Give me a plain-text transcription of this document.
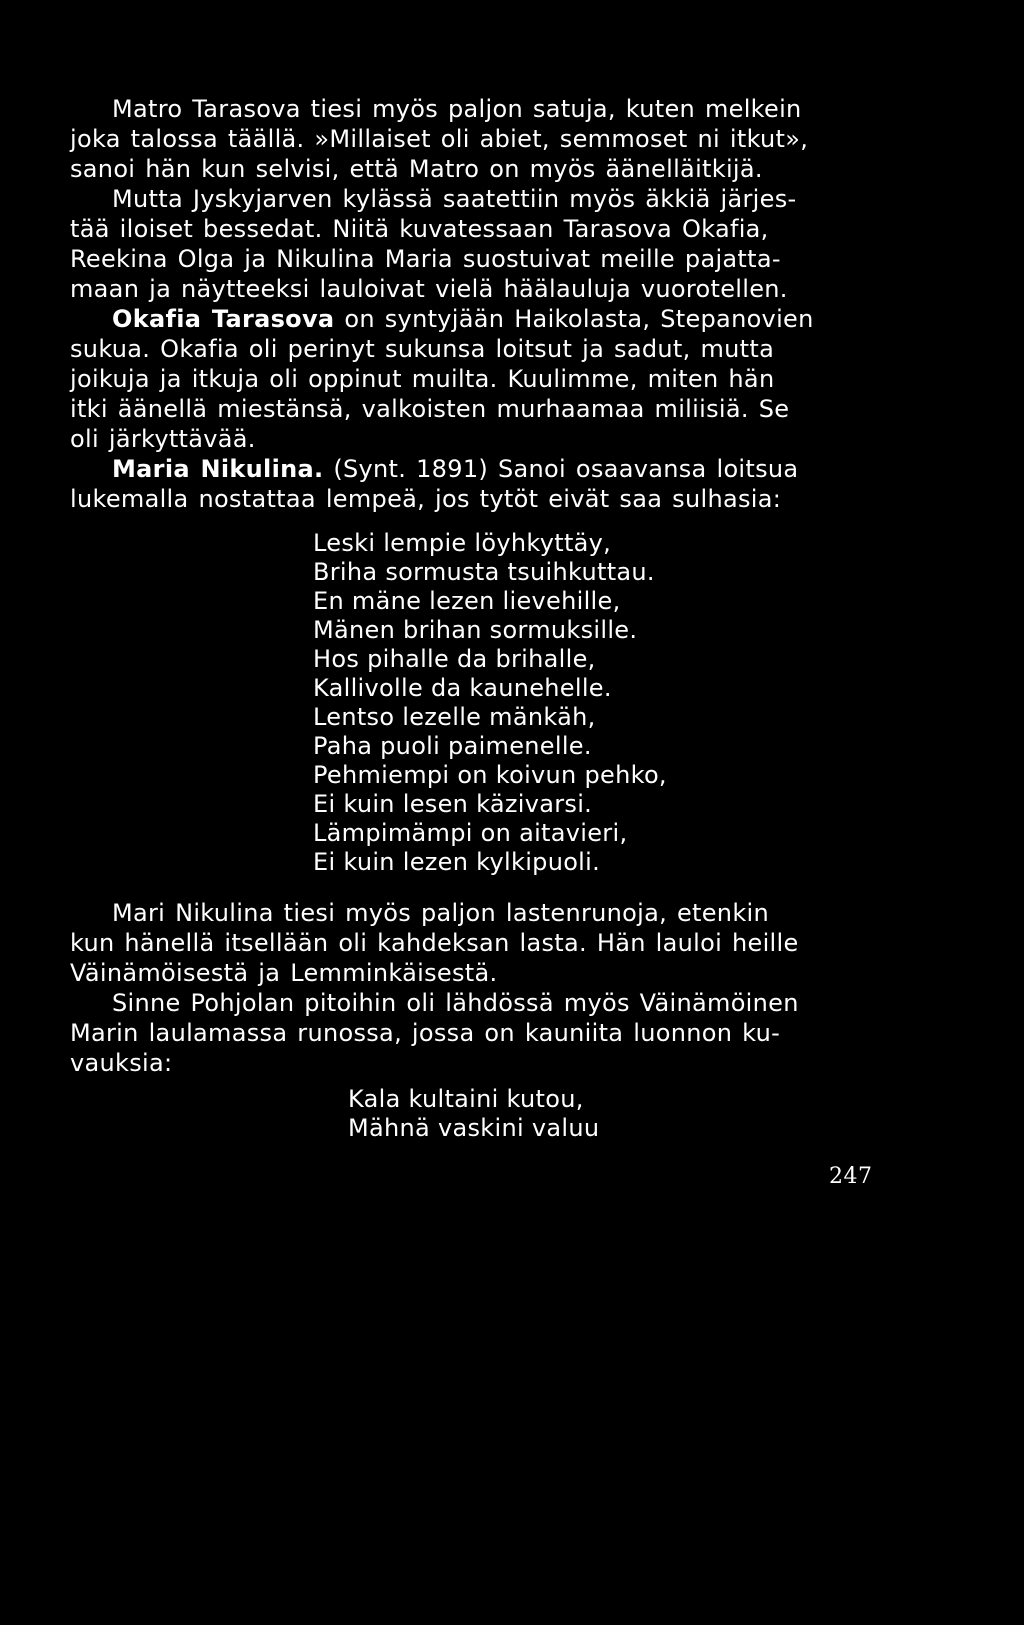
Matro Tarasova tiesi myös paljon satuja, kuten melkein
joka talossa täällä. »Millaiset oli abiet, semmoset ni itkut»,
sanoi hän kun selvisi, että Matro on myös äänelläitkijä.
Mutta Jyskyjarven kylässä saatettiin myös äkkiä järjes-
tää iloiset bessedat. Niitä kuvatessaan Tarasova Okafia,
Reekina Olga ja Nikulina Maria suostuivat meille pajatta-
maan ja näytteeksi lauloivat vielä häälauluja vuorotellen.
Okafia Tarasova on syntyjään Haikolasta, Stepanovien
sukua. Okafia oli perinyt sukunsa loitsut ja sadut, mutta
joikuja ja itkuja oli oppinut muilta. Kuulimme, miten hän
itki äänellä miestänsä, valkoisten murhaamaa miliisiä. Se
oli järkyttävää.
Maria Nikulina. (Synt. 1891) Sanoi osaavansa loitsua
lukemalla nostattaa lempeä, jos tytöt eivät saa sulhasia:
Leski lempie löyhkyttäy,
Briha sormusta tsuihkuttau.
En mäne lezen lievehille,
Mänen brihan sormuksille.
Hos pihalle da brihalle,
Kallivolle da kaunehelle.
Lentso lezelle mänkäh,
Paha puoli paimenelle.
Pehmiempi on koivun pehko,
Ei kuin lesen käzivarsi.
Lämpimämpi on aitavieri,
Ei kuin lezen kylkipuoli.
Mari Nikulina tiesi myös paljon lastenrunoja, etenkin
kun hänellä itsellään oli kahdeksan lasta. Hän lauloi heille
Väinämöisestä ja Lemminkäisestä.
Sinne Pohjolan pitoihin oli lähdössä myös Väinämöinen
Marin laulamassa runossa, jossa on kauniita luonnon ku-
vauksia:
Kala kultaini kutou,
Mähnä vaskini valuu
247
